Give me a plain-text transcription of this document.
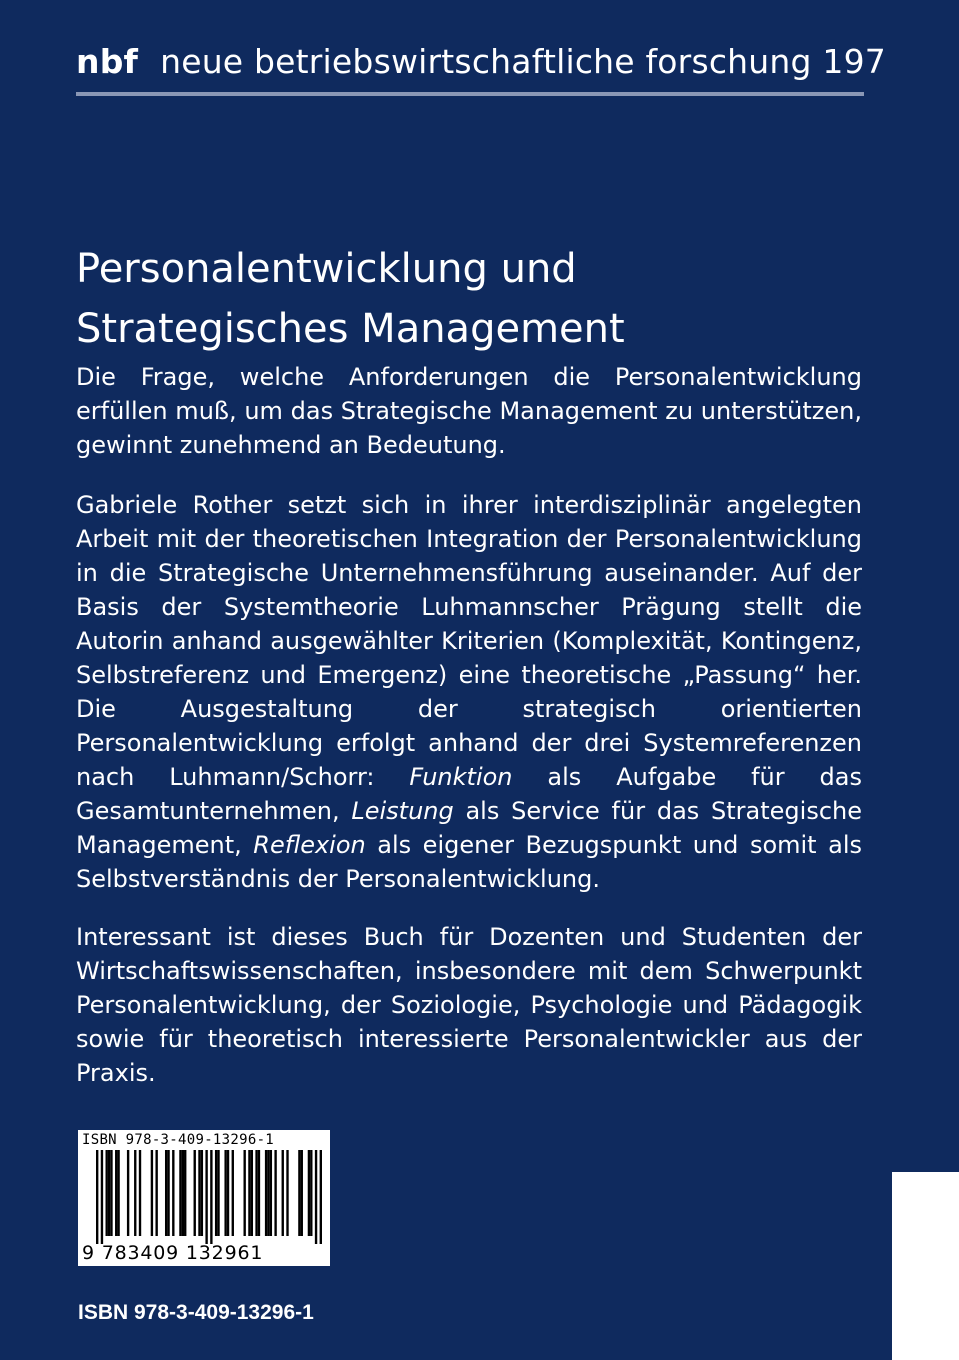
nbf neue betriebswirtschaftliche forschung 197
Personalentwicklung und
Strategisches Management

Die Frage, welche Anforderungen die Personalentwicklung erfüllen muß, um das Strategische Management zu unterstützen, gewinnt zunehmend an Bedeutung.

Gabriele Rother setzt sich in ihrer interdisziplinär angelegten Arbeit mit der theoretischen Integration der Personalentwicklung in die Strategische Unternehmensführung auseinander. Auf der Basis der Systemtheorie Luhmannscher Prägung stellt die Autorin anhand ausgewählter Kriterien (Komplexität, Kontingenz, Selbstreferenz und Emergenz) eine theoretische „Passung“ her. Die Ausgestaltung der strategisch orientierten Personalentwicklung erfolgt anhand der drei Systemreferenzen nach Luhmann/Schorr: Funktion als Aufgabe für das Gesamtunternehmen, Leistung als Service für das Strategische Management, Reflexion als eigener Bezugspunkt und somit als Selbstverständnis der Personalentwicklung.

Interessant ist dieses Buch für Dozenten und Studenten der Wirtschaftswissenschaften, insbesondere mit dem Schwerpunkt Personalentwicklung, der Soziologie, Psychologie und Pädagogik sowie für theoretisch interessierte Personalentwickler aus der Praxis.

ISBN 978-3-409-13296-1
9 783409 132961
ISBN 978-3-409-13296-1
